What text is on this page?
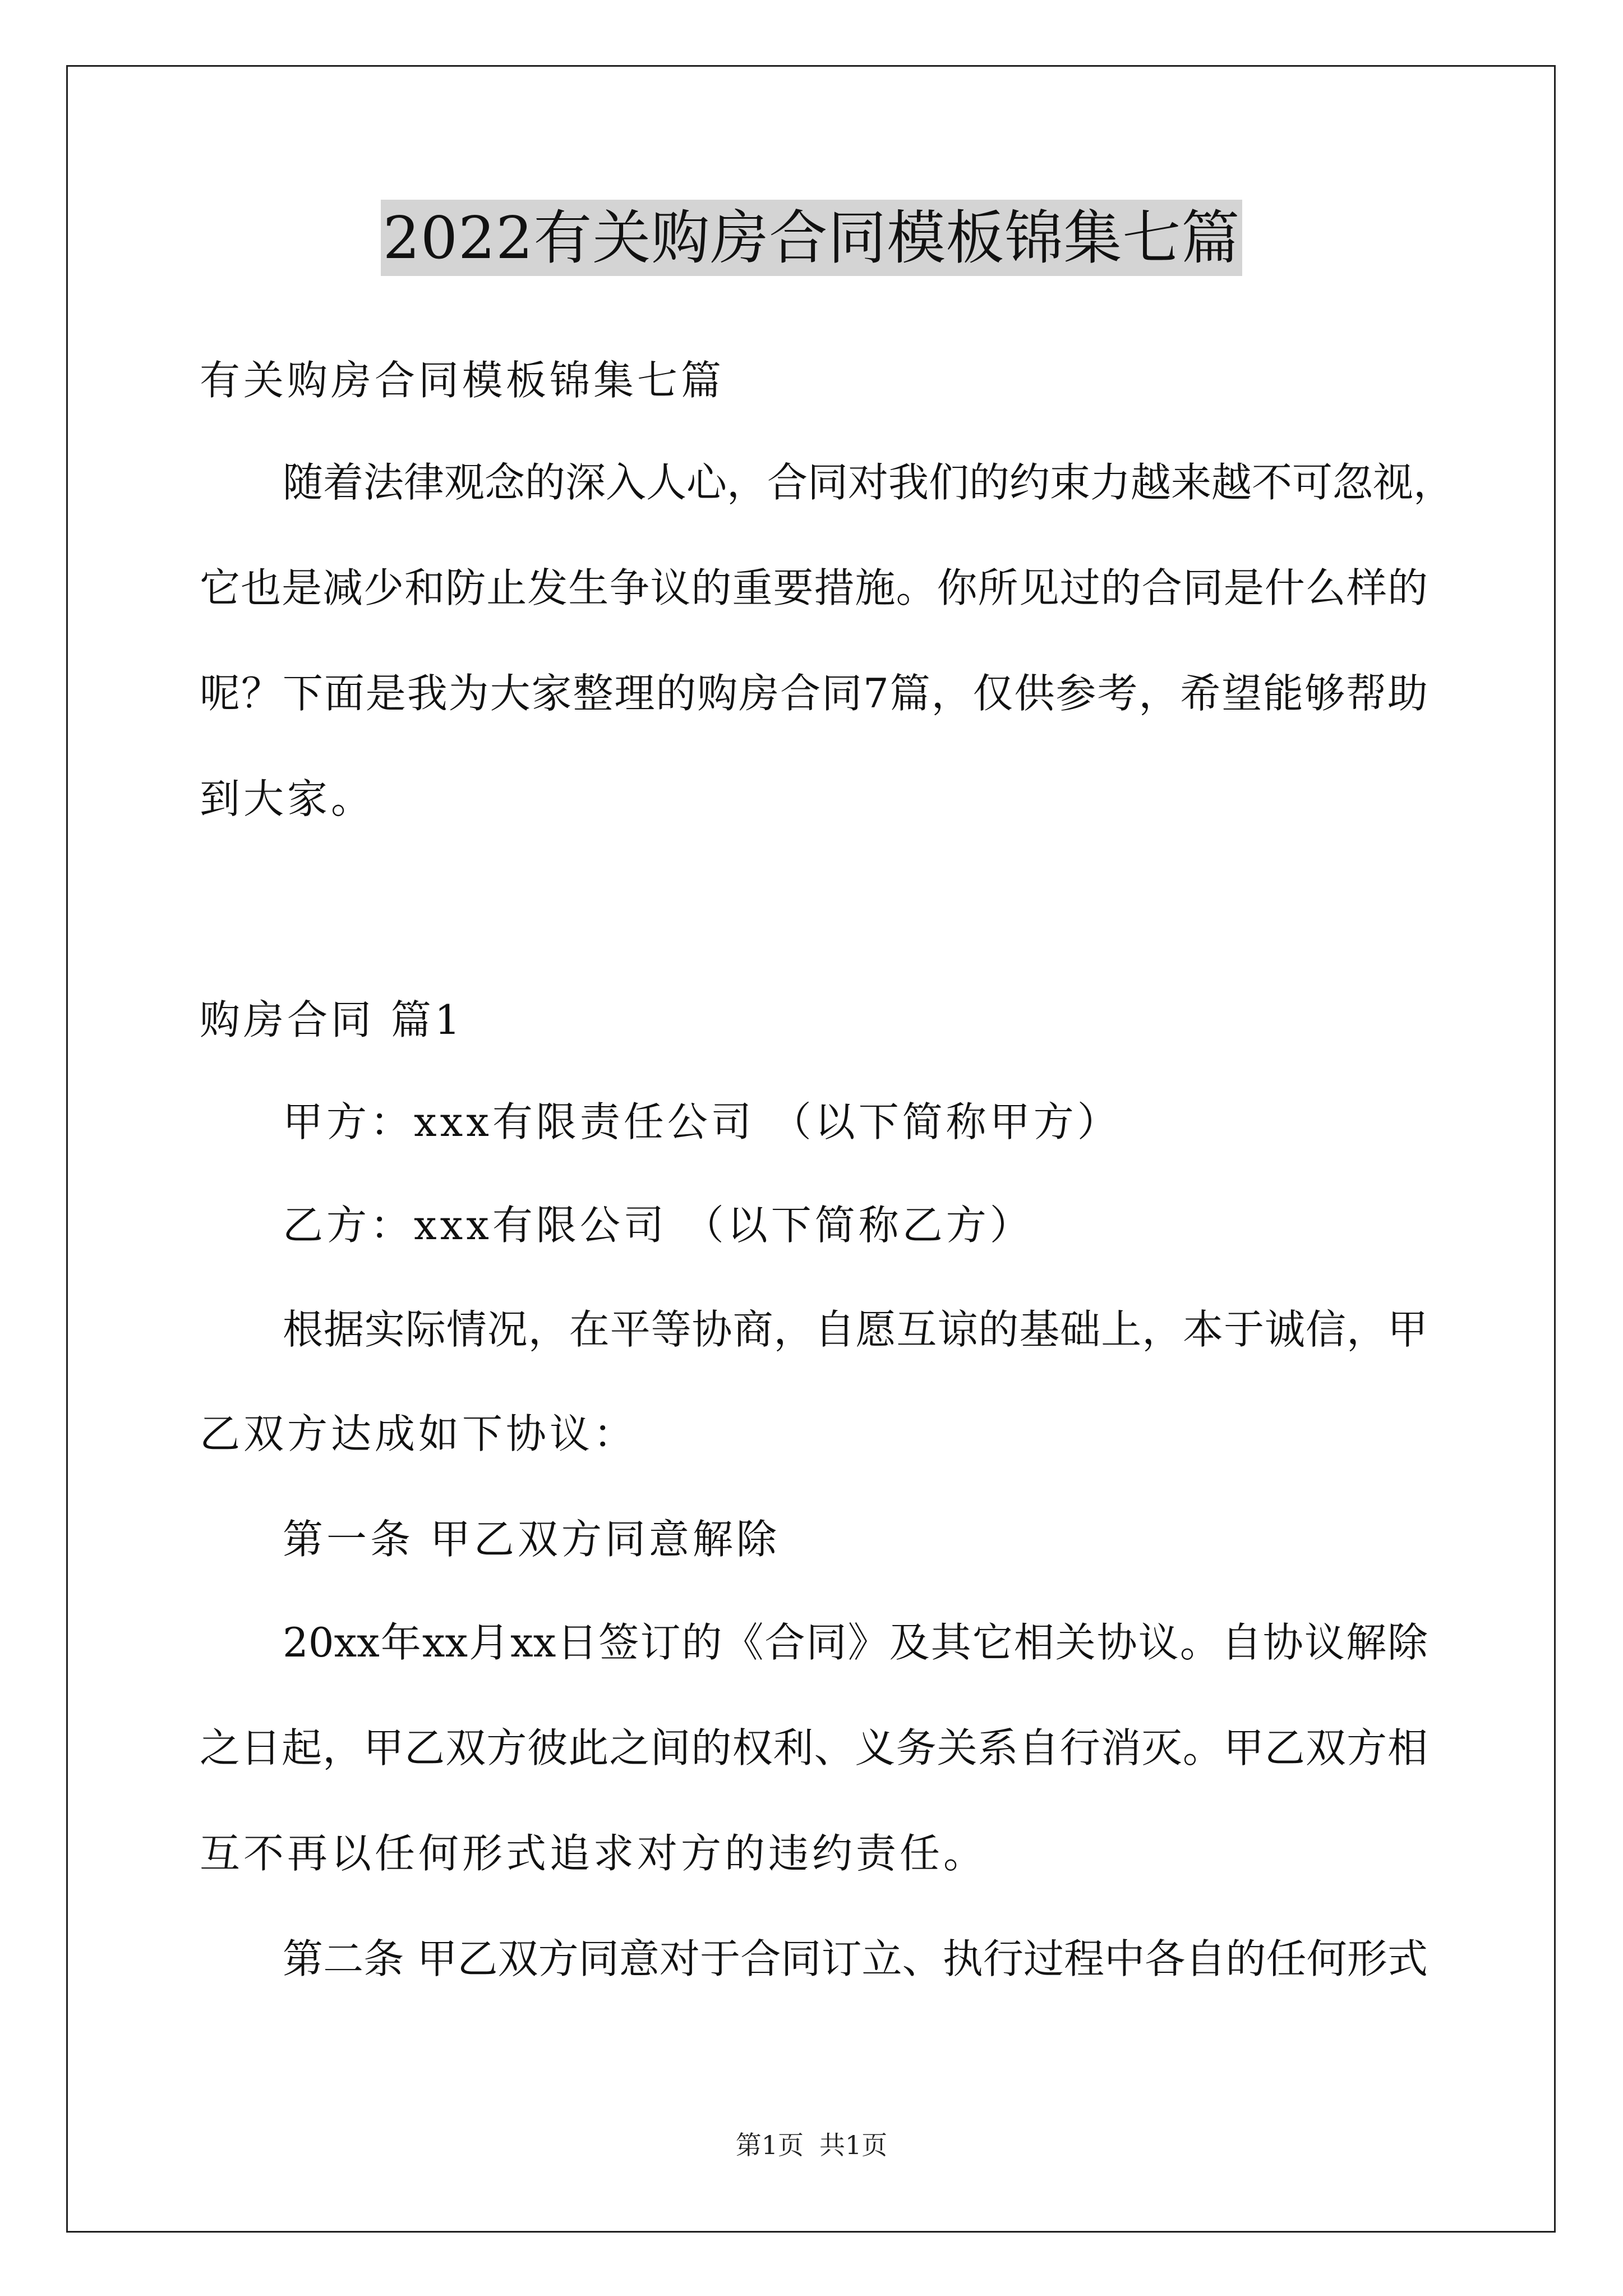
2022有关购房合同模板锦集七篇
有关购房合同模板锦集七篇
随着法律观念的深入人心，合同对我们的约束力越来越不可忽视，
它也是减少和防止发生争议的重要措施。你所见过的合同是什么样的
呢？下面是我为大家整理的购房合同7篇，仅供参考，希望能够帮助
到大家。
购房合同 篇1
甲方：xxx有限责任公司 （以下简称甲方）
乙方：xxx有限公司 （以下简称乙方）
根据实际情况，在平等协商，自愿互谅的基础上，本于诚信，甲
乙双方达成如下协议：
第一条 甲乙双方同意解除
20xx年xx月xx日签订的《合同》及其它相关协议。自协议解除
之日起，甲乙双方彼此之间的权利、义务关系自行消灭。甲乙双方相
互不再以任何形式追求对方的违约责任。
第二条 甲乙双方同意对于合同订立、执行过程中各自的任何形式
第1页 共1页
